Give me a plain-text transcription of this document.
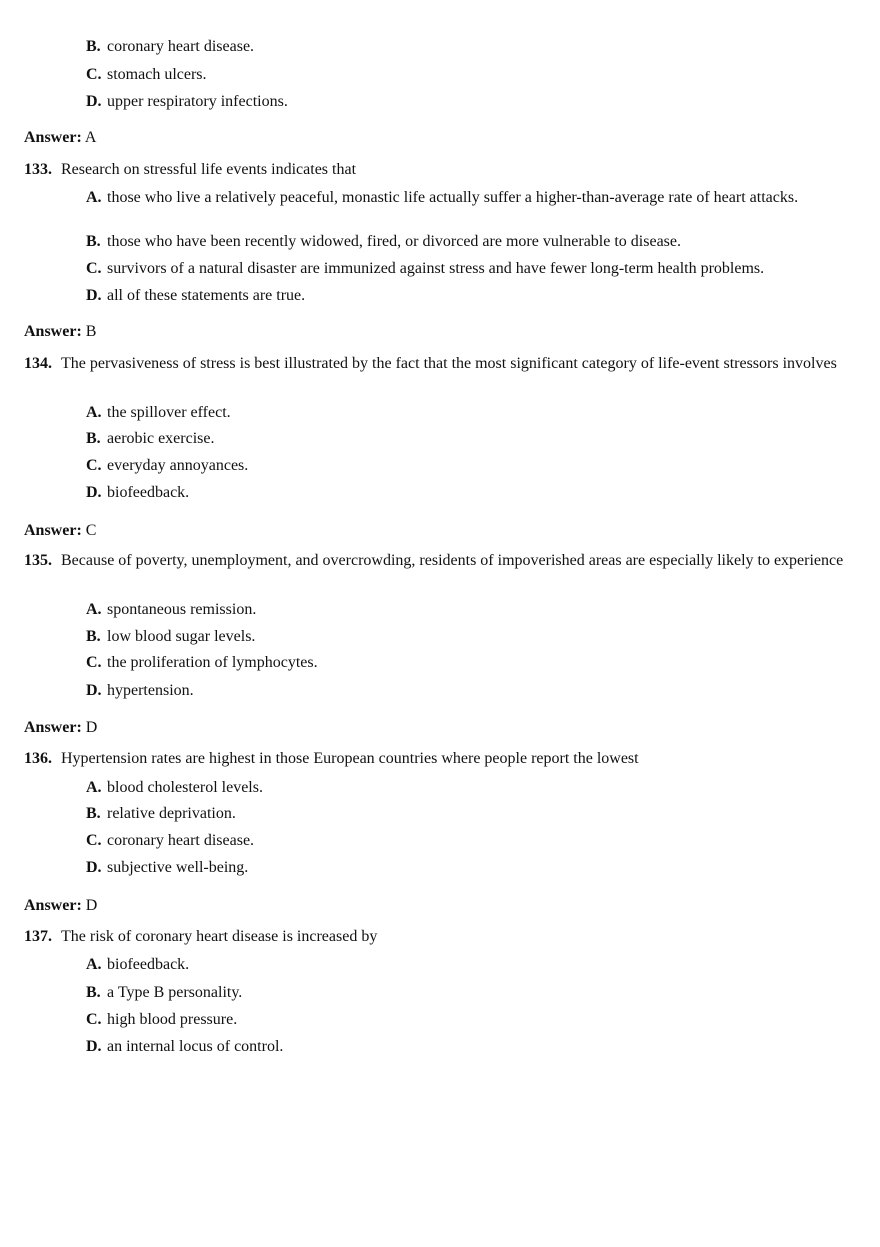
B. coronary heart disease.
C. stomach ulcers.
D. upper respiratory infections.
Answer: A
133. Research on stressful life events indicates that
A. those who live a relatively peaceful, monastic life actually suffer a higher-than-average rate of heart attacks.
B. those who have been recently widowed, fired, or divorced are more vulnerable to disease.
C. survivors of a natural disaster are immunized against stress and have fewer long-term health problems.
D. all of these statements are true.
Answer: B
134. The pervasiveness of stress is best illustrated by the fact that the most significant category of life-event stressors involves
A. the spillover effect.
B. aerobic exercise.
C. everyday annoyances.
D. biofeedback.
Answer: C
135. Because of poverty, unemployment, and overcrowding, residents of impoverished areas are especially likely to experience
A. spontaneous remission.
B. low blood sugar levels.
C. the proliferation of lymphocytes.
D. hypertension.
Answer: D
136. Hypertension rates are highest in those European countries where people report the lowest
A. blood cholesterol levels.
B. relative deprivation.
C. coronary heart disease.
D. subjective well-being.
Answer: D
137. The risk of coronary heart disease is increased by
A. biofeedback.
B. a Type B personality.
C. high blood pressure.
D. an internal locus of control.
